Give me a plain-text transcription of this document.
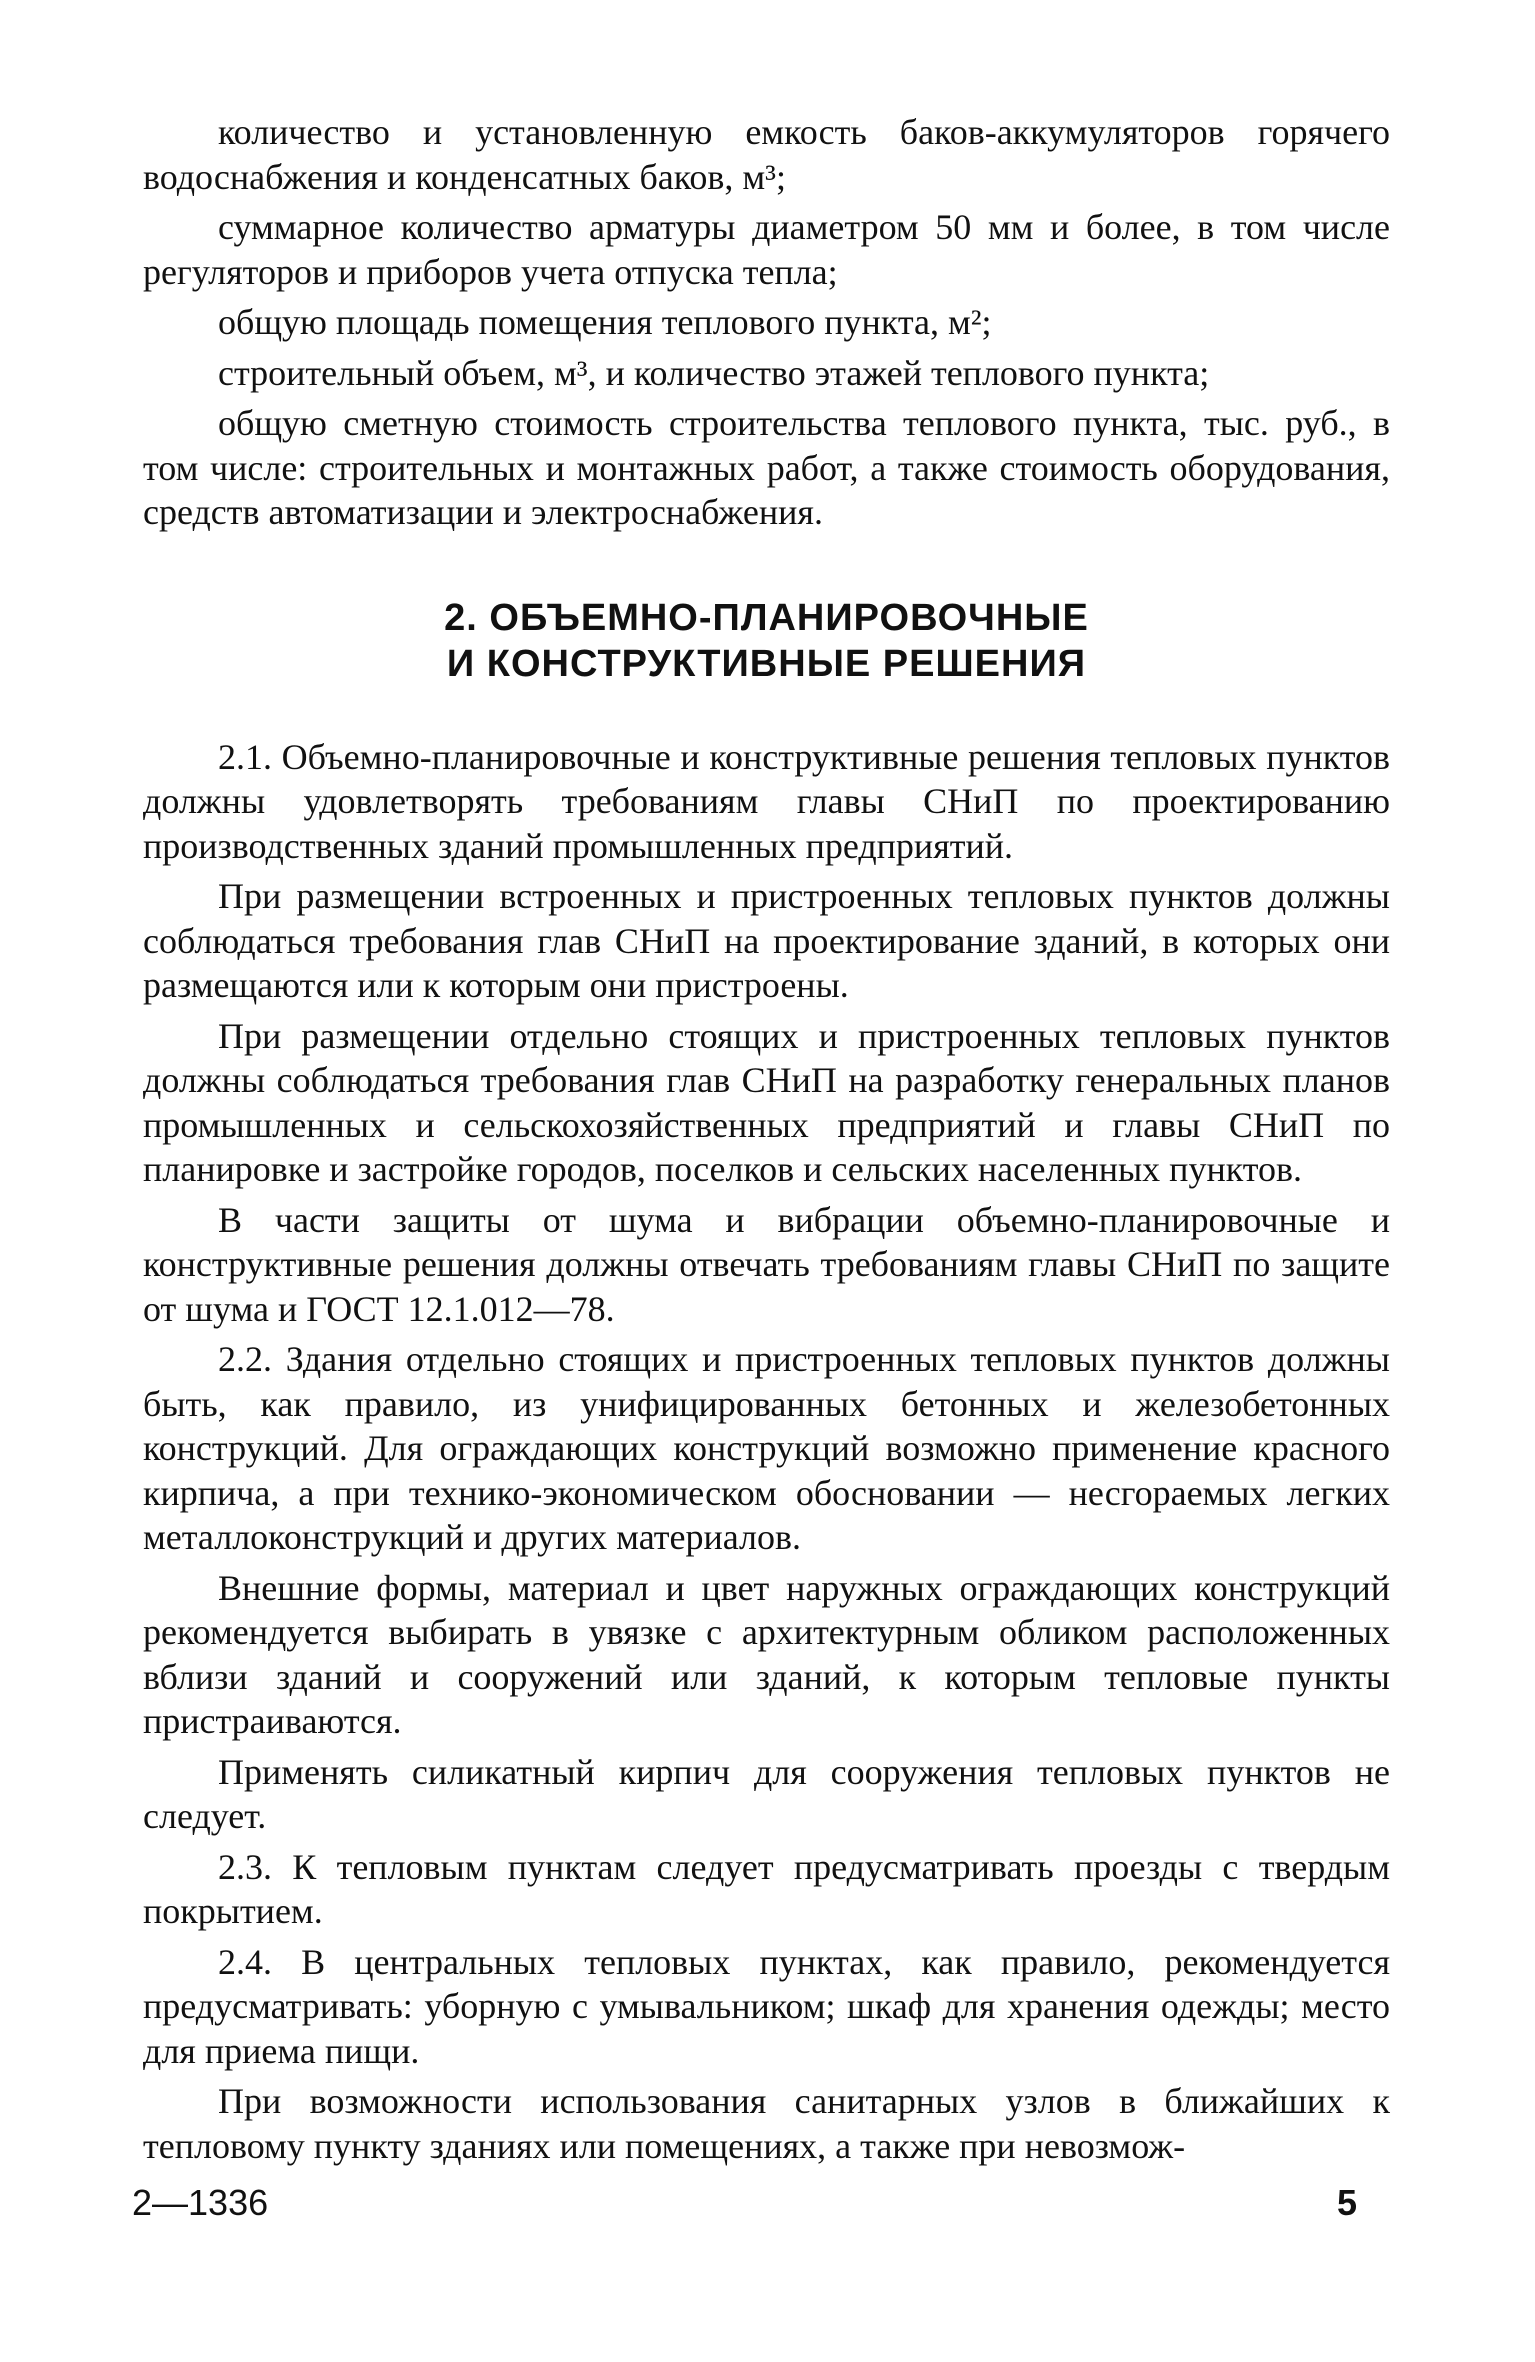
количество и установленную емкость баков-аккумуляторов горячего водоснабжения и конденсатных баков, м³;

суммарное количество арматуры диаметром 50 мм и более, в том числе регуляторов и приборов учета отпуска тепла;

общую площадь помещения теплового пункта, м²;

строительный объем, м³, и количество этажей теплового пункта;

общую сметную стоимость строительства теплового пункта, тыс. руб., в том числе: строительных и монтажных работ, а также стоимость оборудования, средств автоматизации и электроснабжения.

2. ОБЪЕМНО-ПЛАНИРОВОЧНЫЕ
И КОНСТРУКТИВНЫЕ РЕШЕНИЯ

2.1. Объемно-планировочные и конструктивные решения тепловых пунктов должны удовлетворять требованиям главы СНиП по проектированию производственных зданий промышленных предприятий.

При размещении встроенных и пристроенных тепловых пунктов должны соблюдаться требования глав СНиП на проектирование зданий, в которых они размещаются или к которым они пристроены.

При размещении отдельно стоящих и пристроенных тепловых пунктов должны соблюдаться требования глав СНиП на разработку генеральных планов промышленных и сельскохозяйственных предприятий и главы СНиП по планировке и застройке городов, поселков и сельских населенных пунктов.

В части защиты от шума и вибрации объемно-планировочные и конструктивные решения должны отвечать требованиям главы СНиП по защите от шума и ГОСТ 12.1.012—78.

2.2. Здания отдельно стоящих и пристроенных тепловых пунктов должны быть, как правило, из унифицированных бетонных и железобетонных конструкций. Для ограждающих конструкций возможно применение красного кирпича, а при технико-экономическом обосновании — несгораемых легких металлоконструкций и других материалов.

Внешние формы, материал и цвет наружных ограждающих конструкций рекомендуется выбирать в увязке с архитектурным обликом расположенных вблизи зданий и сооружений или зданий, к которым тепловые пункты пристраиваются.

Применять силикатный кирпич для сооружения тепловых пунктов не следует.

2.3. К тепловым пунктам следует предусматривать проезды с твердым покрытием.

2.4. В центральных тепловых пунктах, как правило, рекомендуется предусматривать: уборную с умывальником; шкаф для хранения одежды; место для приема пищи.

При возможности использования санитарных узлов в ближайших к тепловому пункту зданиях или помещениях, а также при невозмож-

2—1336	5
